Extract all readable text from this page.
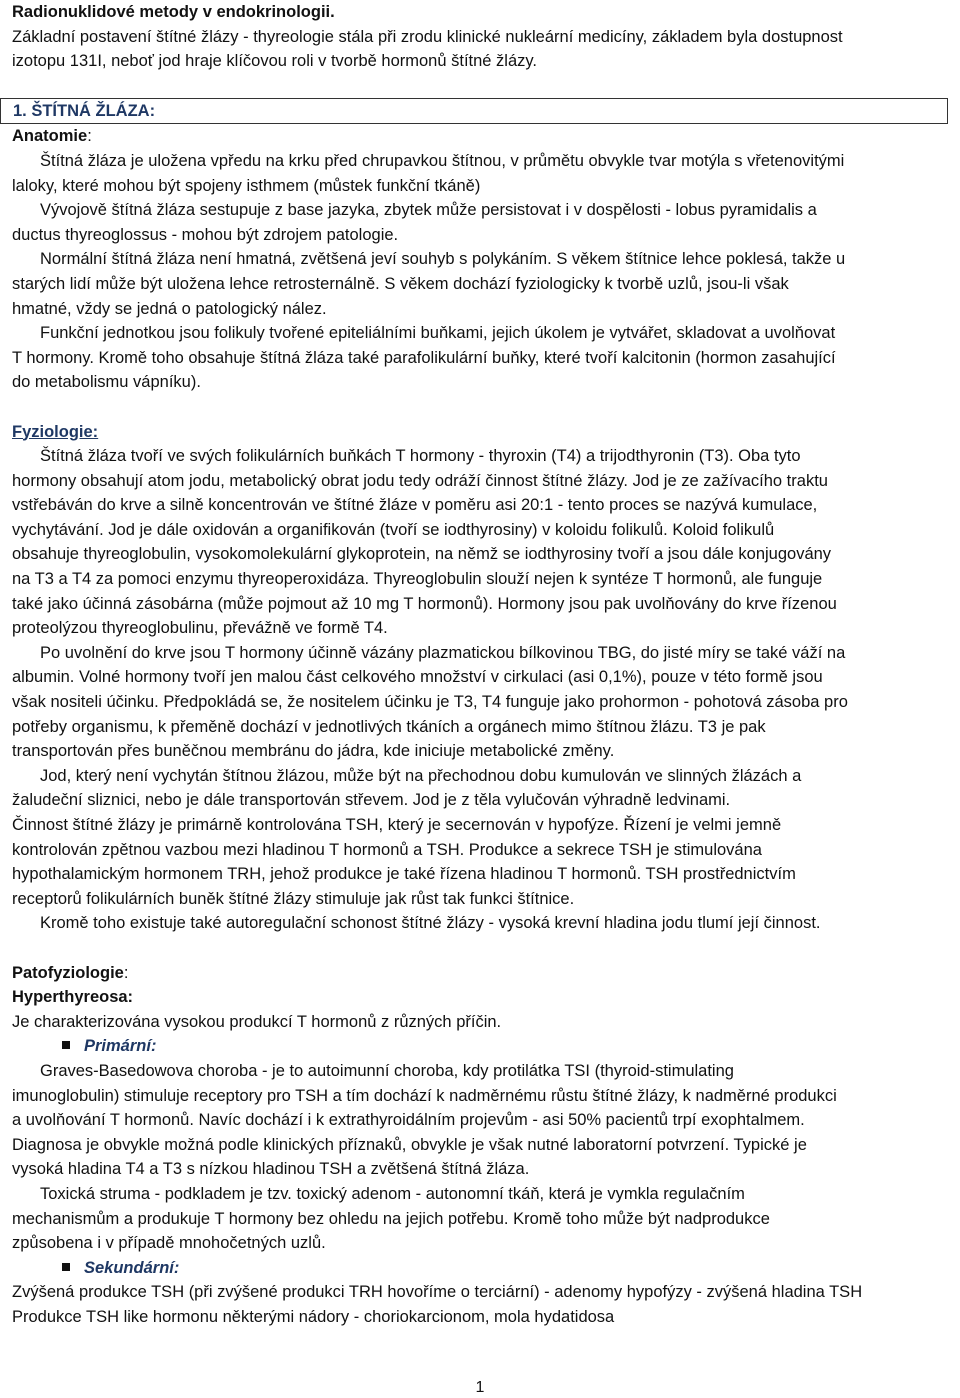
Radionuklidové metody v endokrinologii.
Základní postavení štítné žlázy - thyreologie stála při zrodu klinické nukleární medicíny, základem byla dostupnost
izotopu 131I, neboť jod hraje klíčovou roli v tvorbě hormonů štítné žlázy.
1. ŠTÍTNÁ ŽLÁZA:
Anatomie:
Štítná žláza je uložena vpředu na krku před chrupavkou štítnou, v průmětu obvykle tvar motýla s vřetenovitými
laloky, které mohou být spojeny isthmem (můstek funkční tkáně)
Vývojově štítná žláza sestupuje z base jazyka, zbytek může persistovat i v dospělosti - lobus pyramidalis a
ductus thyreoglossus - mohou být zdrojem patologie.
Normální štítná žláza není hmatná, zvětšená jeví souhyb s polykáním. S věkem štítnice lehce poklesá, takže u
starých lidí může být uložena lehce retrosternálně. S věkem dochází fyziologicky k tvorbě uzlů, jsou-li však
hmatné, vždy se jedná o patologický nález.
Funkční jednotkou jsou folikuly tvořené epiteliálními buňkami, jejich úkolem je vytvářet, skladovat a uvolňovat
T hormony. Kromě toho obsahuje štítná žláza také parafolikulární buňky, které tvoří kalcitonin (hormon zasahující
do metabolismu vápníku).
Fyziologie:
Štítná žláza tvoří ve svých folikulárních buňkách T hormony - thyroxin (T4) a trijodthyronin (T3). Oba tyto
hormony obsahují atom jodu, metabolický obrat jodu tedy odráží činnost štítné žlázy. Jod je ze zažívacího traktu
vstřebáván do krve a silně koncentrován ve štítné žláze v poměru asi 20:1 - tento proces se nazývá kumulace,
vychytávání. Jod je dále oxidován a organifikován (tvoří se iodthyrosiny) v koloidu folikulů. Koloid folikulů
obsahuje thyreoglobulin, vysokomolekulární glykoprotein, na němž se iodthyrosiny tvoří a jsou dále konjugovány
na T3 a T4 za pomoci enzymu thyreoperoxidáza. Thyreoglobulin slouží nejen k syntéze T hormonů, ale funguje
také jako účinná zásobárna (může pojmout až 10 mg T hormonů). Hormony jsou pak uvolňovány do krve řízenou
proteolýzou thyreoglobulinu, převážně ve formě T4.
Po uvolnění do krve jsou T hormony účinně vázány plazmatickou bílkovinou TBG, do jisté míry se také váží na
albumin. Volné hormony tvoří jen malou část celkového množství v cirkulaci (asi 0,1%), pouze v této formě jsou
však nositeli účinku. Předpokládá se, že nositelem účinku je T3, T4 funguje jako prohormon - pohotová zásoba pro
potřeby organismu, k přeměně dochází v jednotlivých tkáních a orgánech mimo štítnou žlázu. T3 je pak
transportován přes buněčnou membránu do jádra, kde iniciuje metabolické změny.
Jod, který není vychytán štítnou žlázou, může být na přechodnou dobu kumulován ve slinných žlázách a
žaludeční sliznici, nebo je dále transportován střevem. Jod je z těla vylučován výhradně ledvinami.
Činnost štítné žlázy je primárně kontrolována TSH, který je secernován v hypofýze. Řízení je velmi jemně
kontrolován zpětnou vazbou mezi hladinou T hormonů a TSH. Produkce a sekrece TSH je stimulována
hypothalamickým hormonem TRH, jehož produkce je také řízena hladinou T hormonů. TSH prostřednictvím
receptorů folikulárních buněk štítné žlázy stimuluje jak růst tak funkci štítnice.
Kromě toho existuje také autoregulační schonost štítné žlázy - vysoká krevní hladina jodu tlumí její činnost.
Patofyziologie:
Hyperthyreosa:
Je charakterizována vysokou produkcí T hormonů z různých příčin.
Primární:
Graves-Basedowova choroba - je to autoimunní choroba, kdy protilátka TSI (thyroid-stimulating
imunoglobulin) stimuluje receptory pro TSH a tím dochází k nadměrnému růstu štítné žlázy, k nadměrné produkci
a uvolňování T hormonů. Navíc dochází i k extrathyroidálním projevům - asi 50% pacientů trpí exophtalmem.
Diagnosa je obvykle možná podle klinických příznaků, obvykle je však nutné laboratorní potvrzení. Typické je
vysoká hladina T4 a T3 s nízkou hladinou TSH a zvětšená štítná žláza.
Toxická struma - podkladem je tzv. toxický adenom - autonomní tkáň, která je vymkla regulačním
mechanismům a produkuje T hormony bez ohledu na jejich potřebu. Kromě toho může být nadprodukce
způsobena i v případě mnohočetných uzlů.
Sekundární:
Zvýšená produkce TSH (při zvýšené produkci TRH hovoříme o terciární) - adenomy hypofýzy - zvýšená hladina TSH
Produkce TSH like hormonu některými nádory - choriokarcionom, mola hydatidosa
1
